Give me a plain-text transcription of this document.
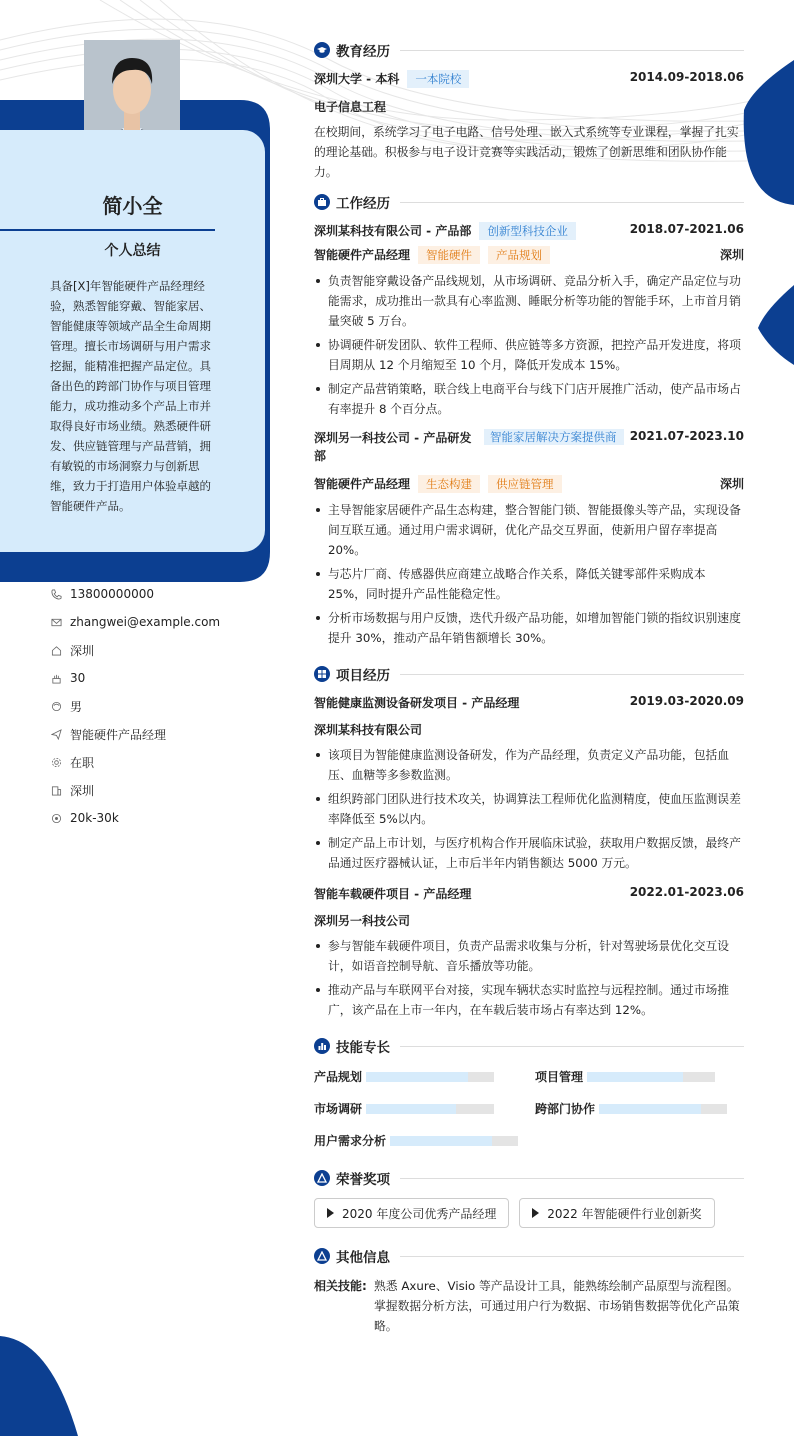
简小全
个人总结
具备[X]年智能硬件产品经理经验，熟悉智能穿戴、智能家居、智能健康等领域产品全生命周期管理。擅长市场调研与用户需求挖掘，能精准把握产品定位。具备出色的跨部门协作与项目管理能力，成功推动多个产品上市并取得良好市场业绩。熟悉硬件研发、供应链管理与产品营销，拥有敏锐的市场洞察力与创新思维，致力于打造用户体验卓越的智能硬件产品。
13800000000
zhangwei@example.com
深圳
30
男
智能硬件产品经理
在职
深圳
20k-30k
教育经历
深圳大学 - 本科 一本院校	2014.09-2018.06
电子信息工程
在校期间，系统学习了电子电路、信号处理、嵌入式系统等专业课程，掌握了扎实的理论基础。积极参与电子设计竞赛等实践活动，锻炼了创新思维和团队协作能力。
工作经历
深圳某科技有限公司 - 产品部 创新型科技企业	2018.07-2021.06
智能硬件产品经理 智能硬件 产品规划	深圳
负责智能穿戴设备产品线规划，从市场调研、竞品分析入手，确定产品定位与功能需求，成功推出一款具有心率监测、睡眠分析等功能的智能手环，上市首月销量突破 5 万台。
协调硬件研发团队、软件工程师、供应链等多方资源，把控产品开发进度，将项目周期从 12 个月缩短至 10 个月，降低开发成本 15%。
制定产品营销策略，联合线上电商平台与线下门店开展推广活动，使产品市场占有率提升 8 个百分点。
深圳另一科技公司 - 产品研发部
智能家居解决方案提供商	2021.07-2023.10
智能硬件产品经理 生态构建 供应链管理	深圳
主导智能家居硬件产品生态构建，整合智能门锁、智能摄像头等产品，实现设备间互联互通。通过用户需求调研，优化产品交互界面，使新用户留存率提高 20%。
与芯片厂商、传感器供应商建立战略合作关系，降低关键零部件采购成本 25%，同时提升产品性能稳定性。
分析市场数据与用户反馈，迭代升级产品功能，如增加智能门锁的指纹识别速度提升 30%，推动产品年销售额增长 30%。
项目经历
智能健康监测设备研发项目 - 产品经理	2019.03-2020.09
深圳某科技有限公司
该项目为智能健康监测设备研发，作为产品经理，负责定义产品功能，包括血压、血糖等多参数监测。
组织跨部门团队进行技术攻关，协调算法工程师优化监测精度，使血压监测误差率降低至 5%以内。
制定产品上市计划，与医疗机构合作开展临床试验，获取用户数据反馈，最终产品通过医疗器械认证，上市后半年内销售额达 5000 万元。
智能车载硬件项目 - 产品经理	2022.01-2023.06
深圳另一科技公司
参与智能车载硬件项目，负责产品需求收集与分析，针对驾驶场景优化交互设计，如语音控制导航、音乐播放等功能。
推动产品与车联网平台对接，实现车辆状态实时监控与远程控制。通过市场推广，该产品在上市一年内，在车载后装市场占有率达到 12%。
技能专长
产品规划	项目管理
市场调研	跨部门协作
用户需求分析
荣誉奖项
2020 年度公司优秀产品经理
	2022 年智能硬件行业创新奖
其他信息
相关技能: 熟悉 Axure、Visio 等产品设计工具，能熟练绘制产品原型与流程图。掌握数据分析方法，可通过用户行为数据、市场销售数据等优化产品策略。
